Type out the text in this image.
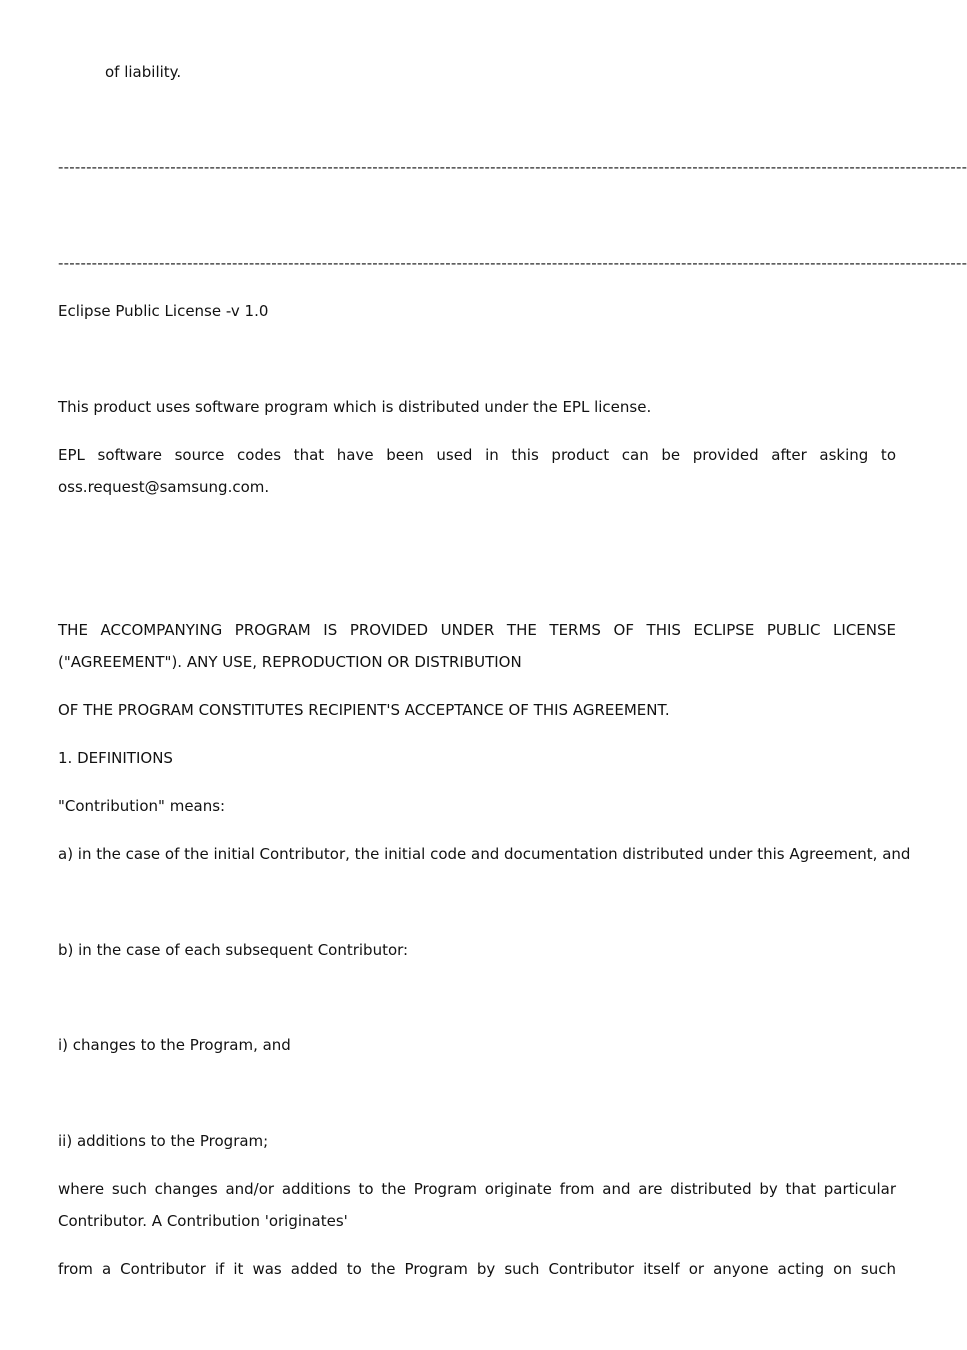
of liability.
------------------------------------------------------------------------------------------------------------------------------------------------------------------
------------------------------------------------------------------------------------------------------------------------------------------------------------------
Eclipse Public License -v 1.0
This product uses software program which is distributed under the EPL license.
EPL software source codes that have been used in this product can be provided after asking to
oss.request@samsung.com.
THE ACCOMPANYING PROGRAM IS PROVIDED UNDER THE TERMS OF THIS ECLIPSE PUBLIC LICENSE
("AGREEMENT"). ANY USE, REPRODUCTION OR DISTRIBUTION
OF THE PROGRAM CONSTITUTES RECIPIENT'S ACCEPTANCE OF THIS AGREEMENT.
1. DEFINITIONS
"Contribution" means:
a) in the case of the initial Contributor, the initial code and documentation distributed under this Agreement, and
b) in the case of each subsequent Contributor:
i) changes to the Program, and
ii) additions to the Program;
where such changes and/or additions to the Program originate from and are distributed by that particular
Contributor. A Contribution 'originates'
from a Contributor if it was added to the Program by such Contributor itself or anyone acting on such
